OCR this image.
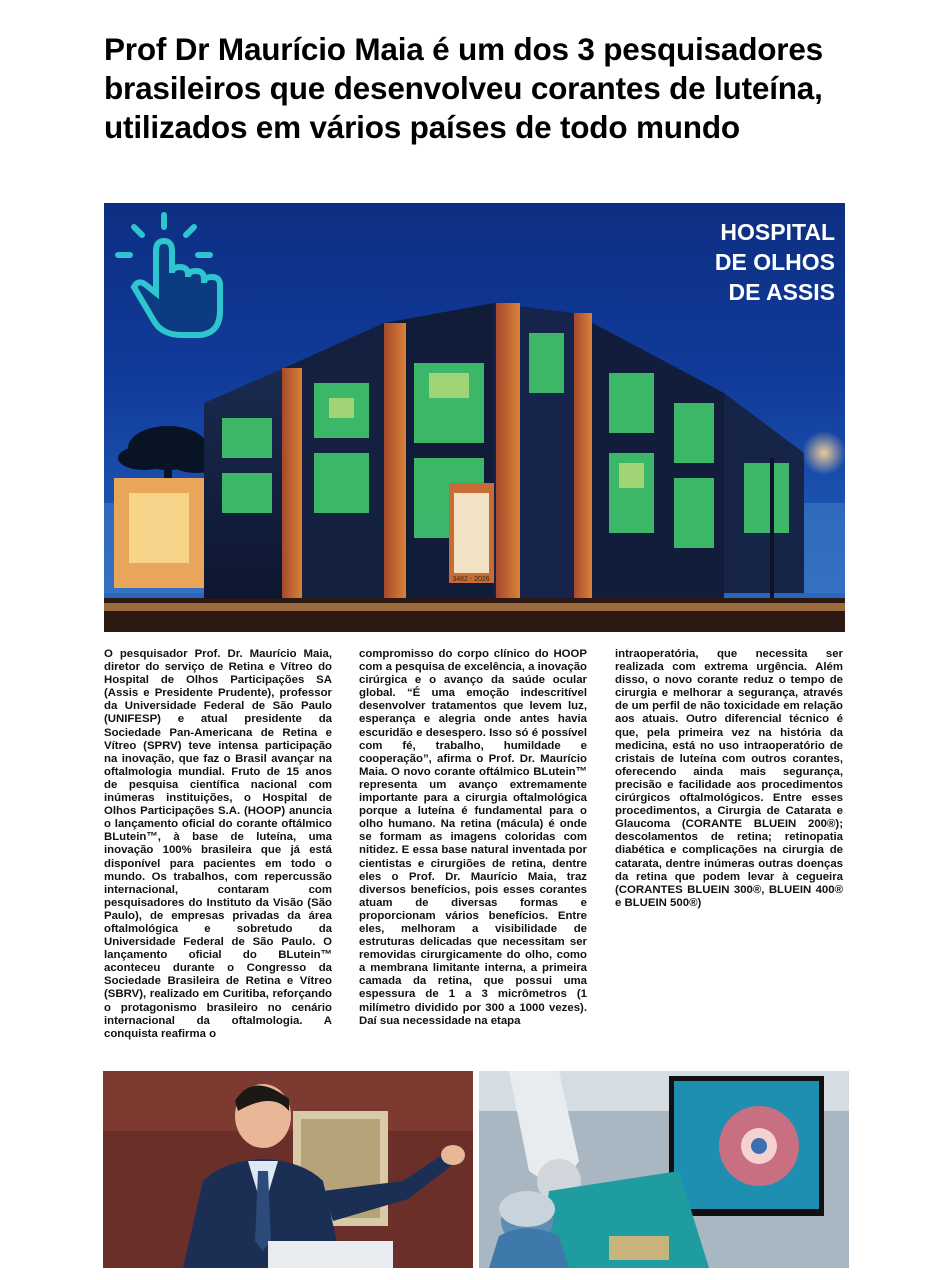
Prof Dr Maurício Maia é um dos 3 pesquisadores brasileiros que desenvolveu corantes de luteína, utilizados em vários países de todo mundo
3462 - 2026
HOSPITAL
DE OLHOS
DE ASSIS

O pesquisador Prof. Dr. Maurício Maia, diretor do serviço de Retina e Vítreo do Hospital de Olhos Participações SA (Assis e Presidente Prudente), professor da Universidade Federal de São Paulo (UNIFESP) e atual presidente da Sociedade Pan-Americana de Retina e Vítreo (SPRV) teve intensa participação na inovação, que faz o Brasil avançar na oftalmologia mundial. Fruto de 15 anos de pesquisa científica nacional com inúmeras instituições, o Hospital de Olhos Participações S.A. (HOOP) anuncia o lançamento oficial do corante oftálmico BLutein™, à base de luteína, uma inovação 100% brasileira que já está disponível para pacientes em todo o mundo. Os trabalhos, com repercussão internacional, contaram com pesquisadores do Instituto da Visão (São Paulo), de empresas privadas da área oftalmológica e sobretudo da Universidade Federal de São Paulo. O lançamento oficial do BLutein™ aconteceu durante o Congresso da Sociedade Brasileira de Retina e Vítreo (SBRV), realizado em Curitiba, reforçando o protagonismo brasileiro no cenário internacional da oftalmologia. A conquista reafirma o

compromisso do corpo clínico do HOOP com a pesquisa de excelência, a inovação cirúrgica e o avanço da saúde ocular global. “É uma emoção indescritível desenvolver tratamentos que levem luz, esperança e alegria onde antes havia escuridão e desespero. Isso só é possível com fé, trabalho, humildade e cooperação”, afirma o Prof. Dr. Maurício Maia. O novo corante oftálmico BLutein™ representa um avanço extremamente importante para a cirurgia oftalmológica porque a luteína é fundamental para o olho humano. Na retina (mácula) é onde se formam as imagens coloridas com nitidez. E essa base natural inventada por cientistas e cirurgiões de retina, dentre eles o Prof. Dr. Maurício Maia, traz diversos benefícios, pois esses corantes atuam de diversas formas e proporcionam vários benefícios. Entre eles, melhoram a visibilidade de estruturas delicadas que necessitam ser removidas cirurgicamente do olho, como a membrana limitante interna, a primeira camada da retina, que possui uma espessura de 1 a 3 micrômetros (1 milímetro dividido por 300 a 1000 vezes). Daí sua necessidade na etapa

intraoperatória, que necessita ser realizada com extrema urgência. Além disso, o novo corante reduz o tempo de cirurgia e melhorar a segurança, através de um perfil de não toxicidade em relação aos atuais. Outro diferencial técnico é que, pela primeira vez na história da medicina, está no uso intraoperatório de cristais de luteína com outros corantes, oferecendo ainda mais segurança, precisão e facilidade aos procedimentos cirúrgicos oftalmológicos. Entre esses procedimentos, a Cirurgia de Catarata e Glaucoma (CORANTE BLUEIN 200®); descolamentos de retina; retinopatia diabética e complicações na cirurgia de catarata, dentre inúmeras outras doenças da retina que podem levar à cegueira (CORANTES BLUEIN 300®, BLUEIN 400® e BLUEIN 500®)
